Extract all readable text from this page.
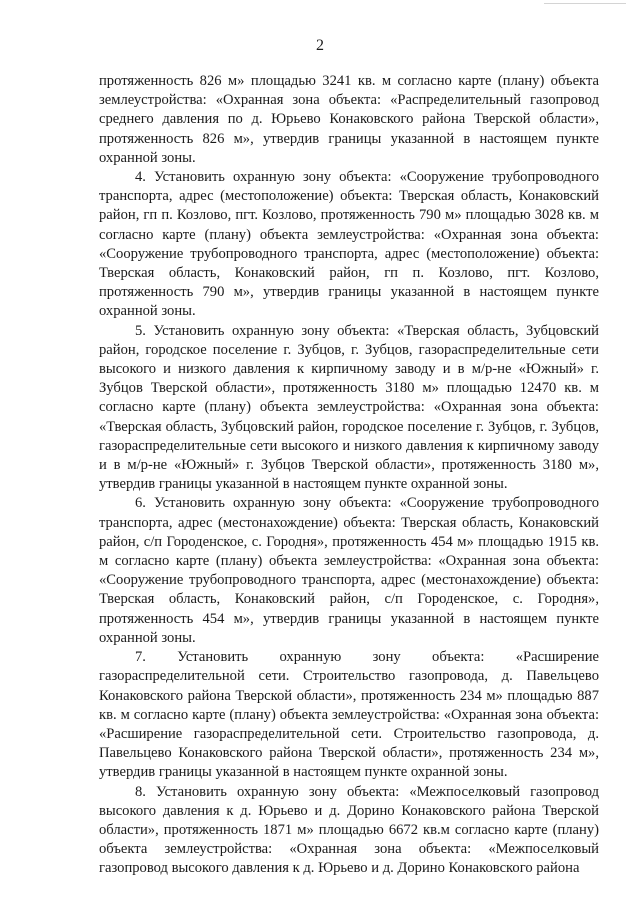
2

протяженность 826 м» площадью 3241 кв. м согласно карте (плану) объекта землеустройства: «Охранная зона объекта: «Распределительный газопровод среднего давления по д. Юрьево Конаковского района Тверской области», протяженность 826 м», утвердив границы указанной в настоящем пункте охранной зоны.

4. Установить охранную зону объекта: «Сооружение трубопроводного транспорта, адрес (местоположение) объекта: Тверская область, Конаковский район, гп п. Козлово, пгт. Козлово, протяженность 790 м» площадью 3028 кв. м согласно карте (плану) объекта землеустройства: «Охранная зона объекта: «Сооружение трубопроводного транспорта, адрес (местоположение) объекта: Тверская область, Конаковский район, гп п. Козлово, пгт. Козлово, протяженность 790 м», утвердив границы указанной в настоящем пункте охранной зоны.

5. Установить охранную зону объекта: «Тверская область, Зубцовский район, городское поселение г. Зубцов, г. Зубцов, газораспределительные сети высокого и низкого давления к кирпичному заводу и в м/р-не «Южный» г. Зубцов Тверской области», протяженность 3180 м» площадью 12470 кв. м согласно карте (плану) объекта землеустройства: «Охранная зона объекта: «Тверская область, Зубцовский район, городское поселение г. Зубцов, г. Зубцов, газораспределительные сети высокого и низкого давления к кирпичному заводу и в м/р-не «Южный» г. Зубцов Тверской области», протяженность 3180 м», утвердив границы указанной в настоящем пункте охранной зоны.

6. Установить охранную зону объекта: «Сооружение трубопроводного транспорта, адрес (местонахождение) объекта: Тверская область, Конаковский район, с/п Городенское, с. Городня», протяженность 454 м» площадью 1915 кв. м согласно карте (плану) объекта землеустройства: «Охранная зона объекта: «Сооружение трубопроводного транспорта, адрес (местонахождение) объекта: Тверская область, Конаковский район, с/п Городенское, с. Городня», протяженность 454 м», утвердив границы указанной в настоящем пункте охранной зоны.

7. Установить охранную зону объекта: «Расширение газораспределительной сети. Строительство газопровода, д. Павельцево Конаковского района Тверской области», протяженность 234 м» площадью 887 кв. м согласно карте (плану) объекта землеустройства: «Охранная зона объекта: «Расширение газораспределительной сети. Строительство газопровода, д. Павельцево Конаковского района Тверской области», протяженность 234 м», утвердив границы указанной в настоящем пункте охранной зоны.

8. Установить охранную зону объекта: «Межпоселковый газопровод высокого давления к д. Юрьево и д. Дорино Конаковского района Тверской области», протяженность 1871 м» площадью 6672 кв.м согласно карте (плану) объекта землеустройства: «Охранная зона объекта: «Межпоселковый газопровод высокого давления к д. Юрьево и д. Дорино Конаковского района
